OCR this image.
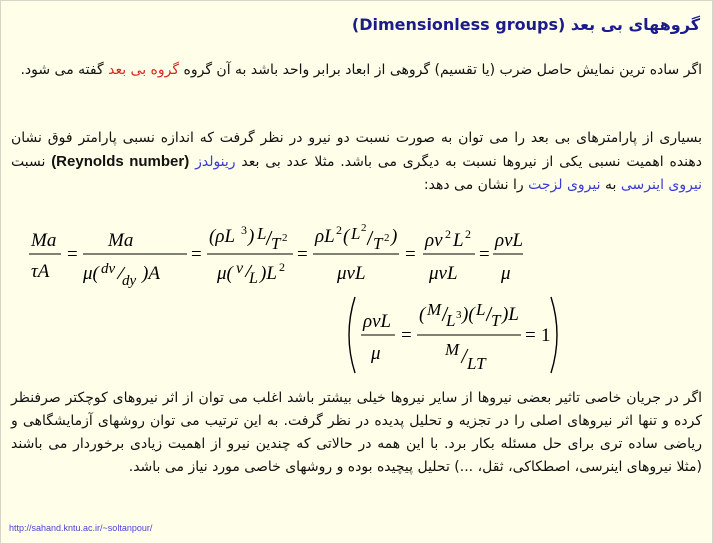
گروههای بی بعد (Dimensionless groups)
اگر ساده ترین نمایش حاصل ضرب (یا تقسیم) گروهی از ابعاد برابر واحد باشد به آن گروه گروه بی بعد گفته می شود.
بسیاری از پارامترهای بی بعد را می توان به صورت نسبت دو نیرو در نظر گرفت که اندازه نسبی پارامتر فوق نشان دهنده اهمیت نسبی یکی از نیروها نسبت به دیگری می باشد. مثلا عدد بی بعد رینولدز (Reynolds number) نسبت نیروی اینرسی به نیروی لزجت را نشان می دهد:
Ma
τA
=
Ma
μ( dv
dy )A
=
(ρL 3 ) L
T 2
μ( v
L )L 2
=
ρL 2 ( L 2
T 2 )
μvL
=
ρv 2 L 2
μvL
=
ρvL
μ
ρvL
μ
=
( M
L 3 )( L
T )L
M
LT
= 1
اگر در جریان خاصی تاثیر بعضی نیروها از سایر نیروها خیلی بیشتر باشد اغلب می توان از اثر نیروهای کوچکتر صرفنظر کرده و تنها اثر نیروهای اصلی را در تجزیه و تحلیل پدیده در نظر گرفت. به این ترتیب می توان روشهای آزمایشگاهی و ریاضی ساده تری برای حل مسئله بکار برد. با این همه در حالاتی که چندین نیرو از اهمیت زیادی برخوردار می باشند (مثلا نیروهای اینرسی، اصطکاکی، ثقل، ...) تحلیل پیچیده بوده و روشهای خاصی مورد نیاز می باشد.
http://sahand.kntu.ac.ir/~soltanpour/
